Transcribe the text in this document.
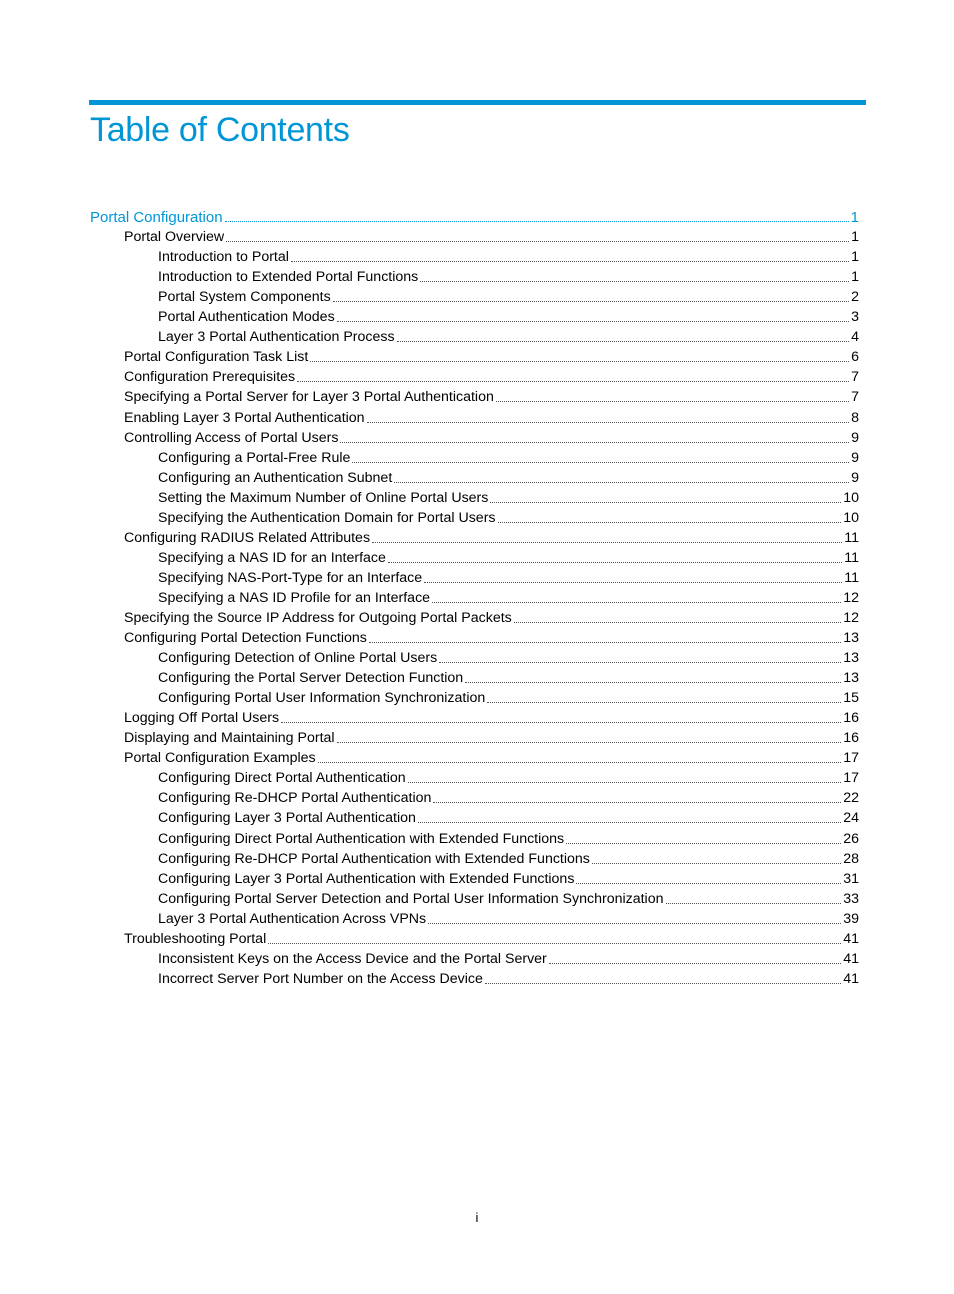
Table of Contents
Portal Configuration	1
Portal Overview	1
Introduction to Portal	1
Introduction to Extended Portal Functions	1
Portal System Components	2
Portal Authentication Modes	3
Layer 3 Portal Authentication Process	4
Portal Configuration Task List	6
Configuration Prerequisites	7
Specifying a Portal Server for Layer 3 Portal Authentication	7
Enabling Layer 3 Portal Authentication	8
Controlling Access of Portal Users	9
Configuring a Portal-Free Rule	9
Configuring an Authentication Subnet	9
Setting the Maximum Number of Online Portal Users	10
Specifying the Authentication Domain for Portal Users	10
Configuring RADIUS Related Attributes	11
Specifying a NAS ID for an Interface	11
Specifying NAS-Port-Type for an Interface	11
Specifying a NAS ID Profile for an Interface	12
Specifying the Source IP Address for Outgoing Portal Packets	12
Configuring Portal Detection Functions	13
Configuring Detection of Online Portal Users	13
Configuring the Portal Server Detection Function	13
Configuring Portal User Information Synchronization	15
Logging Off Portal Users	16
Displaying and Maintaining Portal	16
Portal Configuration Examples	17
Configuring Direct Portal Authentication	17
Configuring Re-DHCP Portal Authentication	22
Configuring Layer 3 Portal Authentication	24
Configuring Direct Portal Authentication with Extended Functions	26
Configuring Re-DHCP Portal Authentication with Extended Functions	28
Configuring Layer 3 Portal Authentication with Extended Functions	31
Configuring Portal Server Detection and Portal User Information Synchronization	33
Layer 3 Portal Authentication Across VPNs	39
Troubleshooting Portal	41
Inconsistent Keys on the Access Device and the Portal Server	41
Incorrect Server Port Number on the Access Device	41
i
